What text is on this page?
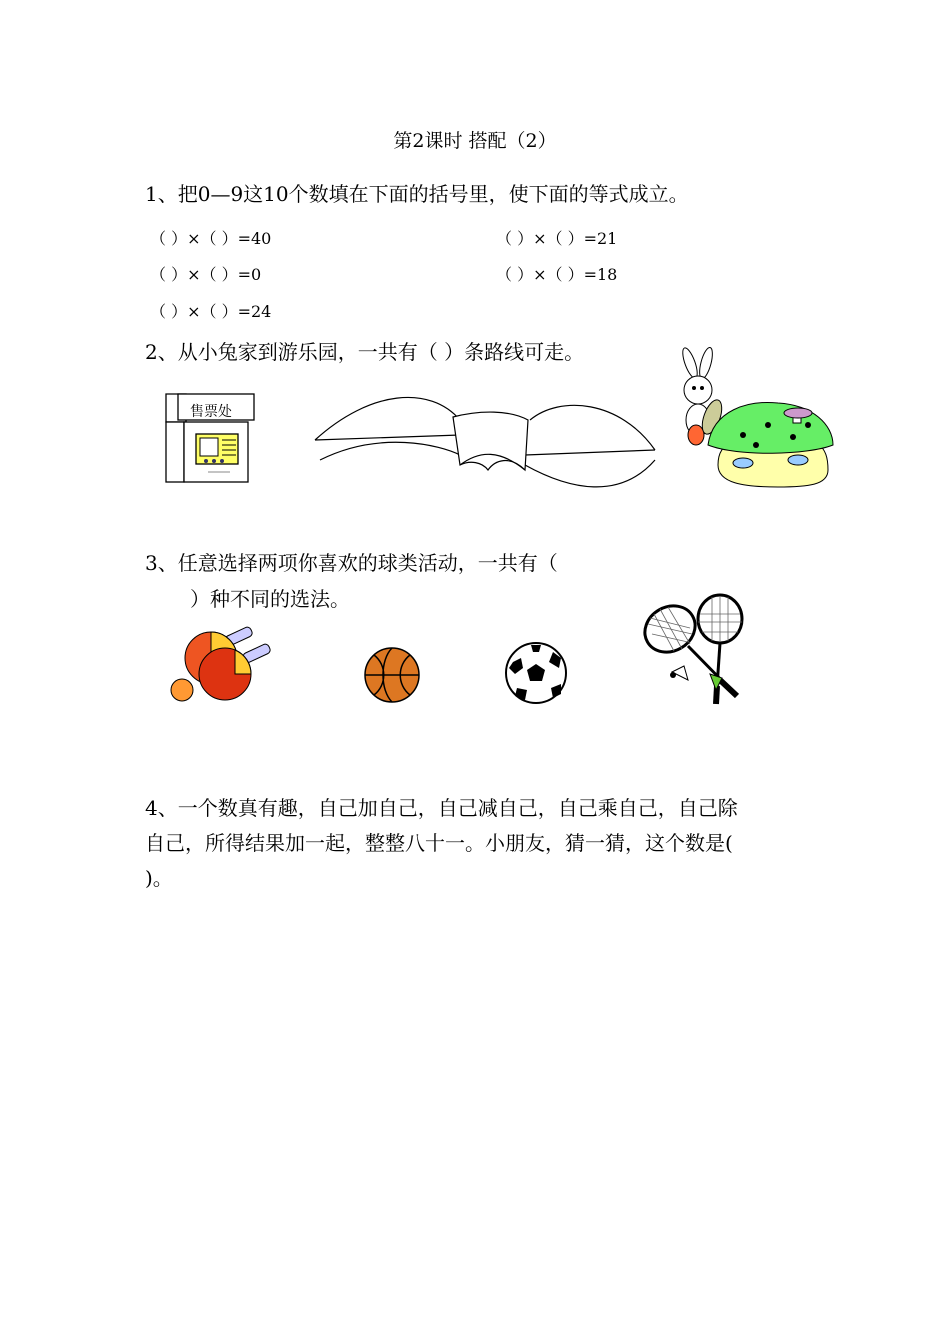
第2课时 搭配（2）
1、把0—9这10个数填在下面的括号里，使下面的等式成立。
（ ）×（ ）=40	（ ）×（ ）=21
（ ）×（ ）=0	（ ）×（ ）=18
（ ）×（ ）=24
2、从小兔家到游乐园，一共有（ ）条路线可走。
售票处
3、任意选择两项你喜欢的球类活动，一共有（
）种不同的选法。
4、一个数真有趣，自己加自己，自己减自己，自己乘自己，自己除
自己，所得结果加一起，整整八十一。小朋友，猜一猜，这个数是(
)。
